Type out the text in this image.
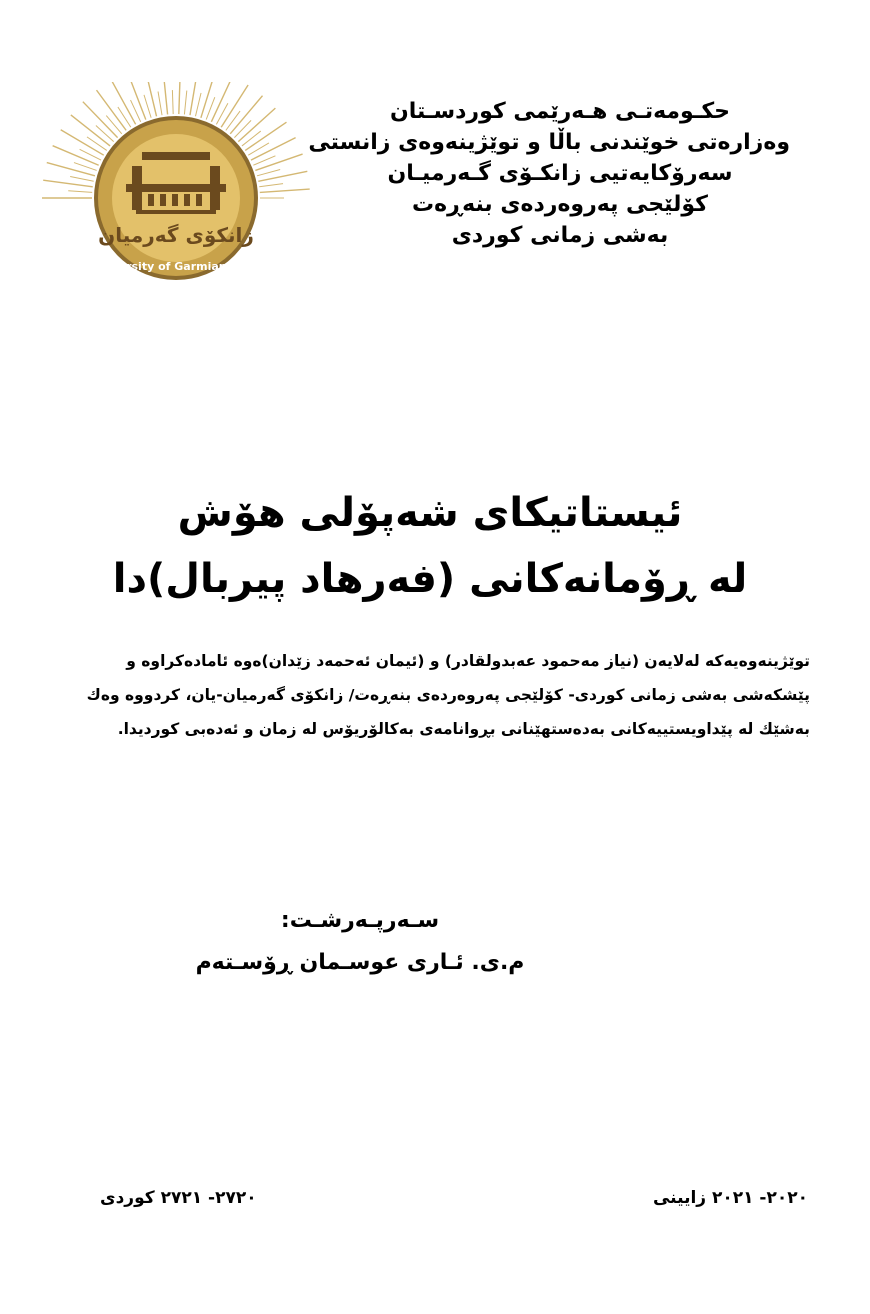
زانکۆی گەرمیان
University of Garmian 2010
حکـومەتـی هـەرێمی کوردسـتان
وەزارەتی خوێندنی باڵا و توێژینەوەی زانستی
سەرۆکایەتیی زانکـۆی گـەرمیـان
کۆلێجی پەروەردەی بنەڕەت
بەشی زمانی کوردی
ئیستاتیکای شەپۆلی هۆش
لە ڕۆمانەکانی (فەرهاد پیربال)دا
توێژینەوەیەکە لەلایەن (نیاز مەحمود عەبدولقادر) و (ئیمان ئەحمەد زێدان)ەوە ئامادەکراوە و
پێشکەشی بەشی زمانی کوردی- کۆلێجی پەروەردەی بنەڕەت/ زانکۆی گەرمیان-یان، کردووە وەك
بەشێك لە پێداویستییەکانی بەدەستهێنانی بڕوانامەی بەکالۆریۆس لە زمان و ئەدەبی کوردیدا.
سـەرپـەرشـت:
م.ی. ئـاری عوسـمان ڕۆسـتەم
٢٧٢٠- ٢٧٢١ کوردی	٢٠٢٠- ٢٠٢١ زایینی
